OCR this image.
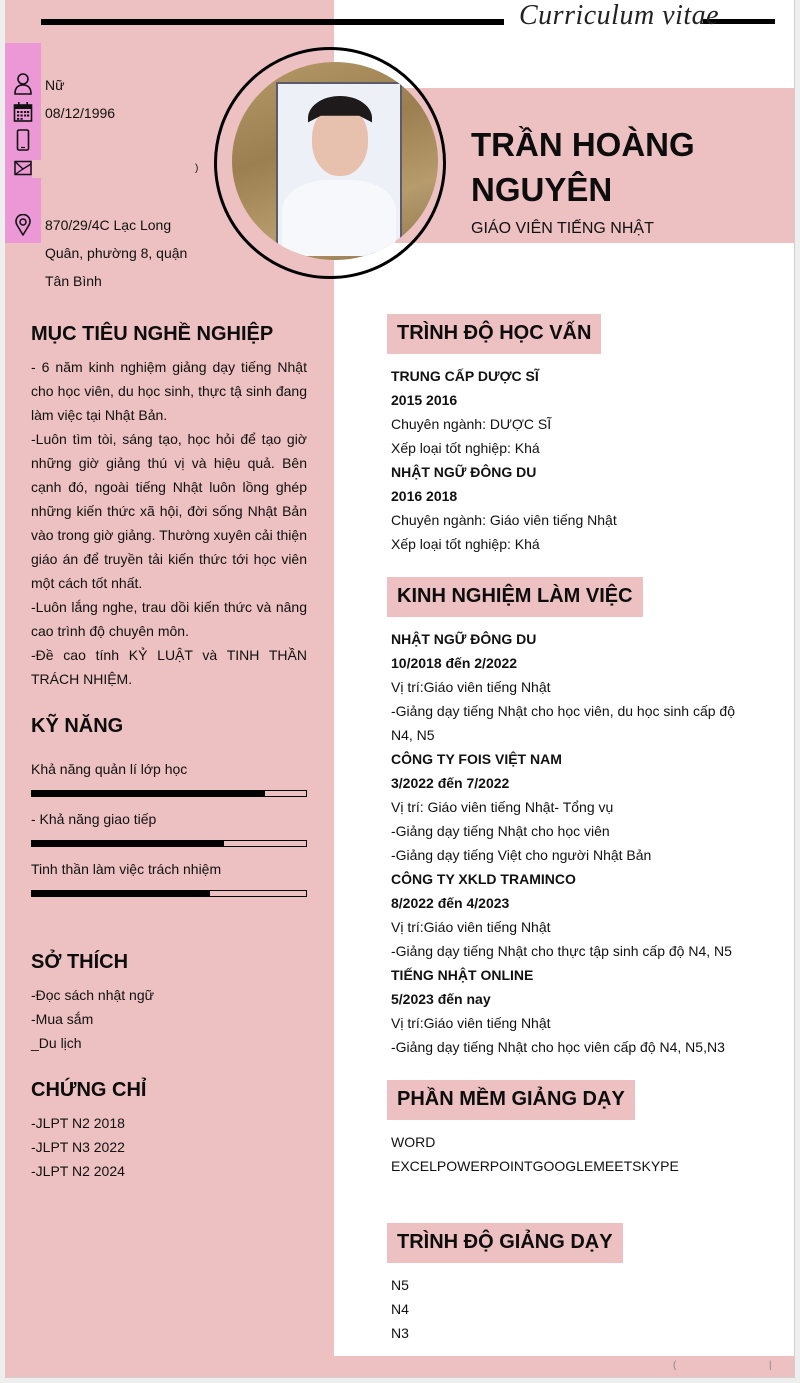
(	|
Curriculum vitae
Nữ
08/12/1996
)
870/29/4C Lạc Long
Quân, phường 8, quận
Tân Bình
TRẦN HOÀNG
NGUYÊN
GIÁO VIÊN TIẾNG NHẬT
MỤC TIÊU NGHỀ NGHIỆP

- 6 năm kinh nghiệm giảng dạy tiếng Nhật cho học viên, du học sinh, thực tậ sinh đang làm việc tại Nhật Bản.

-Luôn tìm tòi, sáng tạo, học hỏi để tạo giờ những giờ giảng thú vị và hiệu quả. Bên cạnh đó, ngoài tiếng Nhật luôn lồng ghép những kiến thức xã hội, đời sống Nhật Bản vào trong giờ giảng. Thường xuyên cải thiện giáo án để truyền tải kiến thức tới học viên một cách tốt nhất.

-Luôn lắng nghe, trau dồi kiến thức và nâng cao trình độ chuyên môn.

-Đề cao tính KỶ LUẬT và TINH THẦN TRÁCH NHIỆM.

KỸ NĂNG
Khả năng quản lí lớp học
- Khả năng giao tiếp
Tinh thần làm việc trách nhiệm
SỞ THÍCH
-Đọc sách nhật ngữ
-Mua sắm
_Du lịch
CHỨNG CHỈ
-JLPT N2 2018
-JLPT N3 2022
-JLPT N2 2024
TRÌNH ĐỘ HỌC VẤN
TRUNG CẤP DƯỢC SĨ
2015 2016
Chuyên ngành: DƯỢC SĨ
Xếp loại tốt nghiệp: Khá
NHẬT NGỮ ĐÔNG DU
2016 2018
Chuyên ngành: Giáo viên tiếng Nhật
Xếp loại tốt nghiệp: Khá
KINH NGHIỆM LÀM VIỆC
NHẬT NGỮ ĐÔNG DU
10/2018 đến 2/2022
Vị trí:Giáo viên tiếng Nhật
-Giảng dạy tiếng Nhật cho học viên, du học sinh cấp độ
N4, N5
CÔNG TY FOIS VIỆT NAM
3/2022 đến 7/2022
Vị trí: Giáo viên tiếng Nhật- Tổng vụ
-Giảng dạy tiếng Nhật cho học viên
-Giảng dạy tiếng Việt cho người Nhật Bản
CÔNG TY XKLD TRAMINCO
8/2022 đến 4/2023
Vị trí:Giáo viên tiếng Nhật
-Giảng dạy tiếng Nhật cho thực tập sinh cấp độ N4, N5
TIẾNG NHẬT ONLINE
5/2023 đến nay
Vị trí:Giáo viên tiếng Nhật
-Giảng dạy tiếng Nhật cho học viên cấp độ N4, N5,N3
PHẦN MỀM GIẢNG DẠY
WORD
EXCELPOWERPOINTGOOGLEMEETSKYPE
TRÌNH ĐỘ GIẢNG DẠY
N5
N4
N3
